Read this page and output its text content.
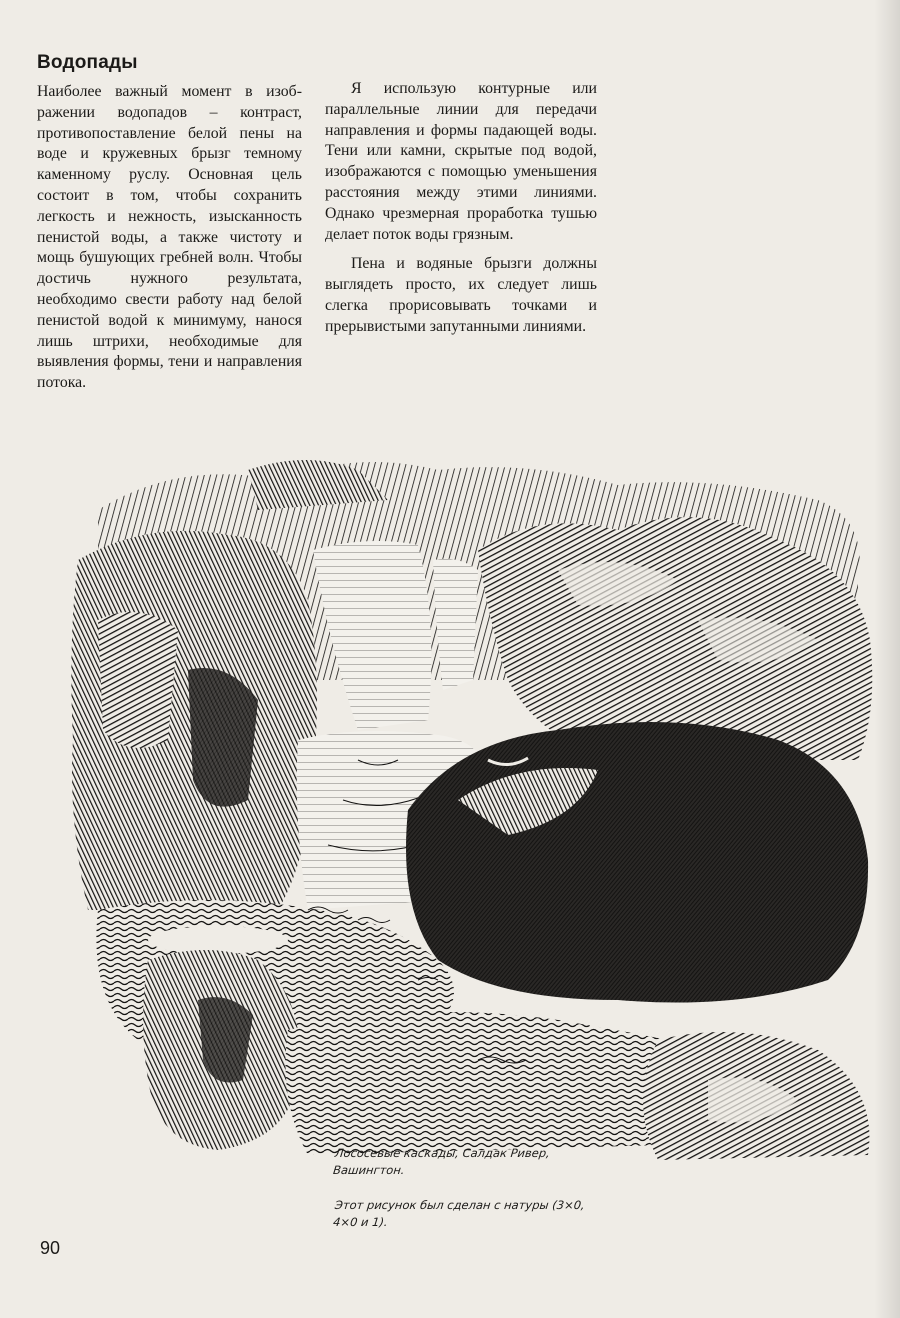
Водопады

Наиболее важный момент в изображении водопадов – контраст, противопоставление белой пены на воде и кружевных брызг темному каменному руслу. Основная цель состоит в том, чтобы сохранить легкость и нежность, изысканность пенистой воды, а также чистоту и мощь бушующих гребней волн. Чтобы достичь нужного результата, необходимо свести работу над белой пенистой водой к минимуму, нанося лишь штрихи, необходимые для выявления формы, тени и направления потока.

Я использую контурные или параллельные линии для передачи направления и формы падающей воды. Тени или камни, скрытые под водой, изображаются с помощью уменьшения расстояния между этими линиями. Однако чрезмерная проработка тушью делает поток воды грязным.

Пена и водяные брызги должны выглядеть просто, их следует лишь слегка прорисовывать точками и прерывистыми запутанными линиями.

Лососевые каскады, Салдак Ривер, Вашингтон.

Этот рисунок был сделан с натуры (3×0, 4×0 и 1).

90
